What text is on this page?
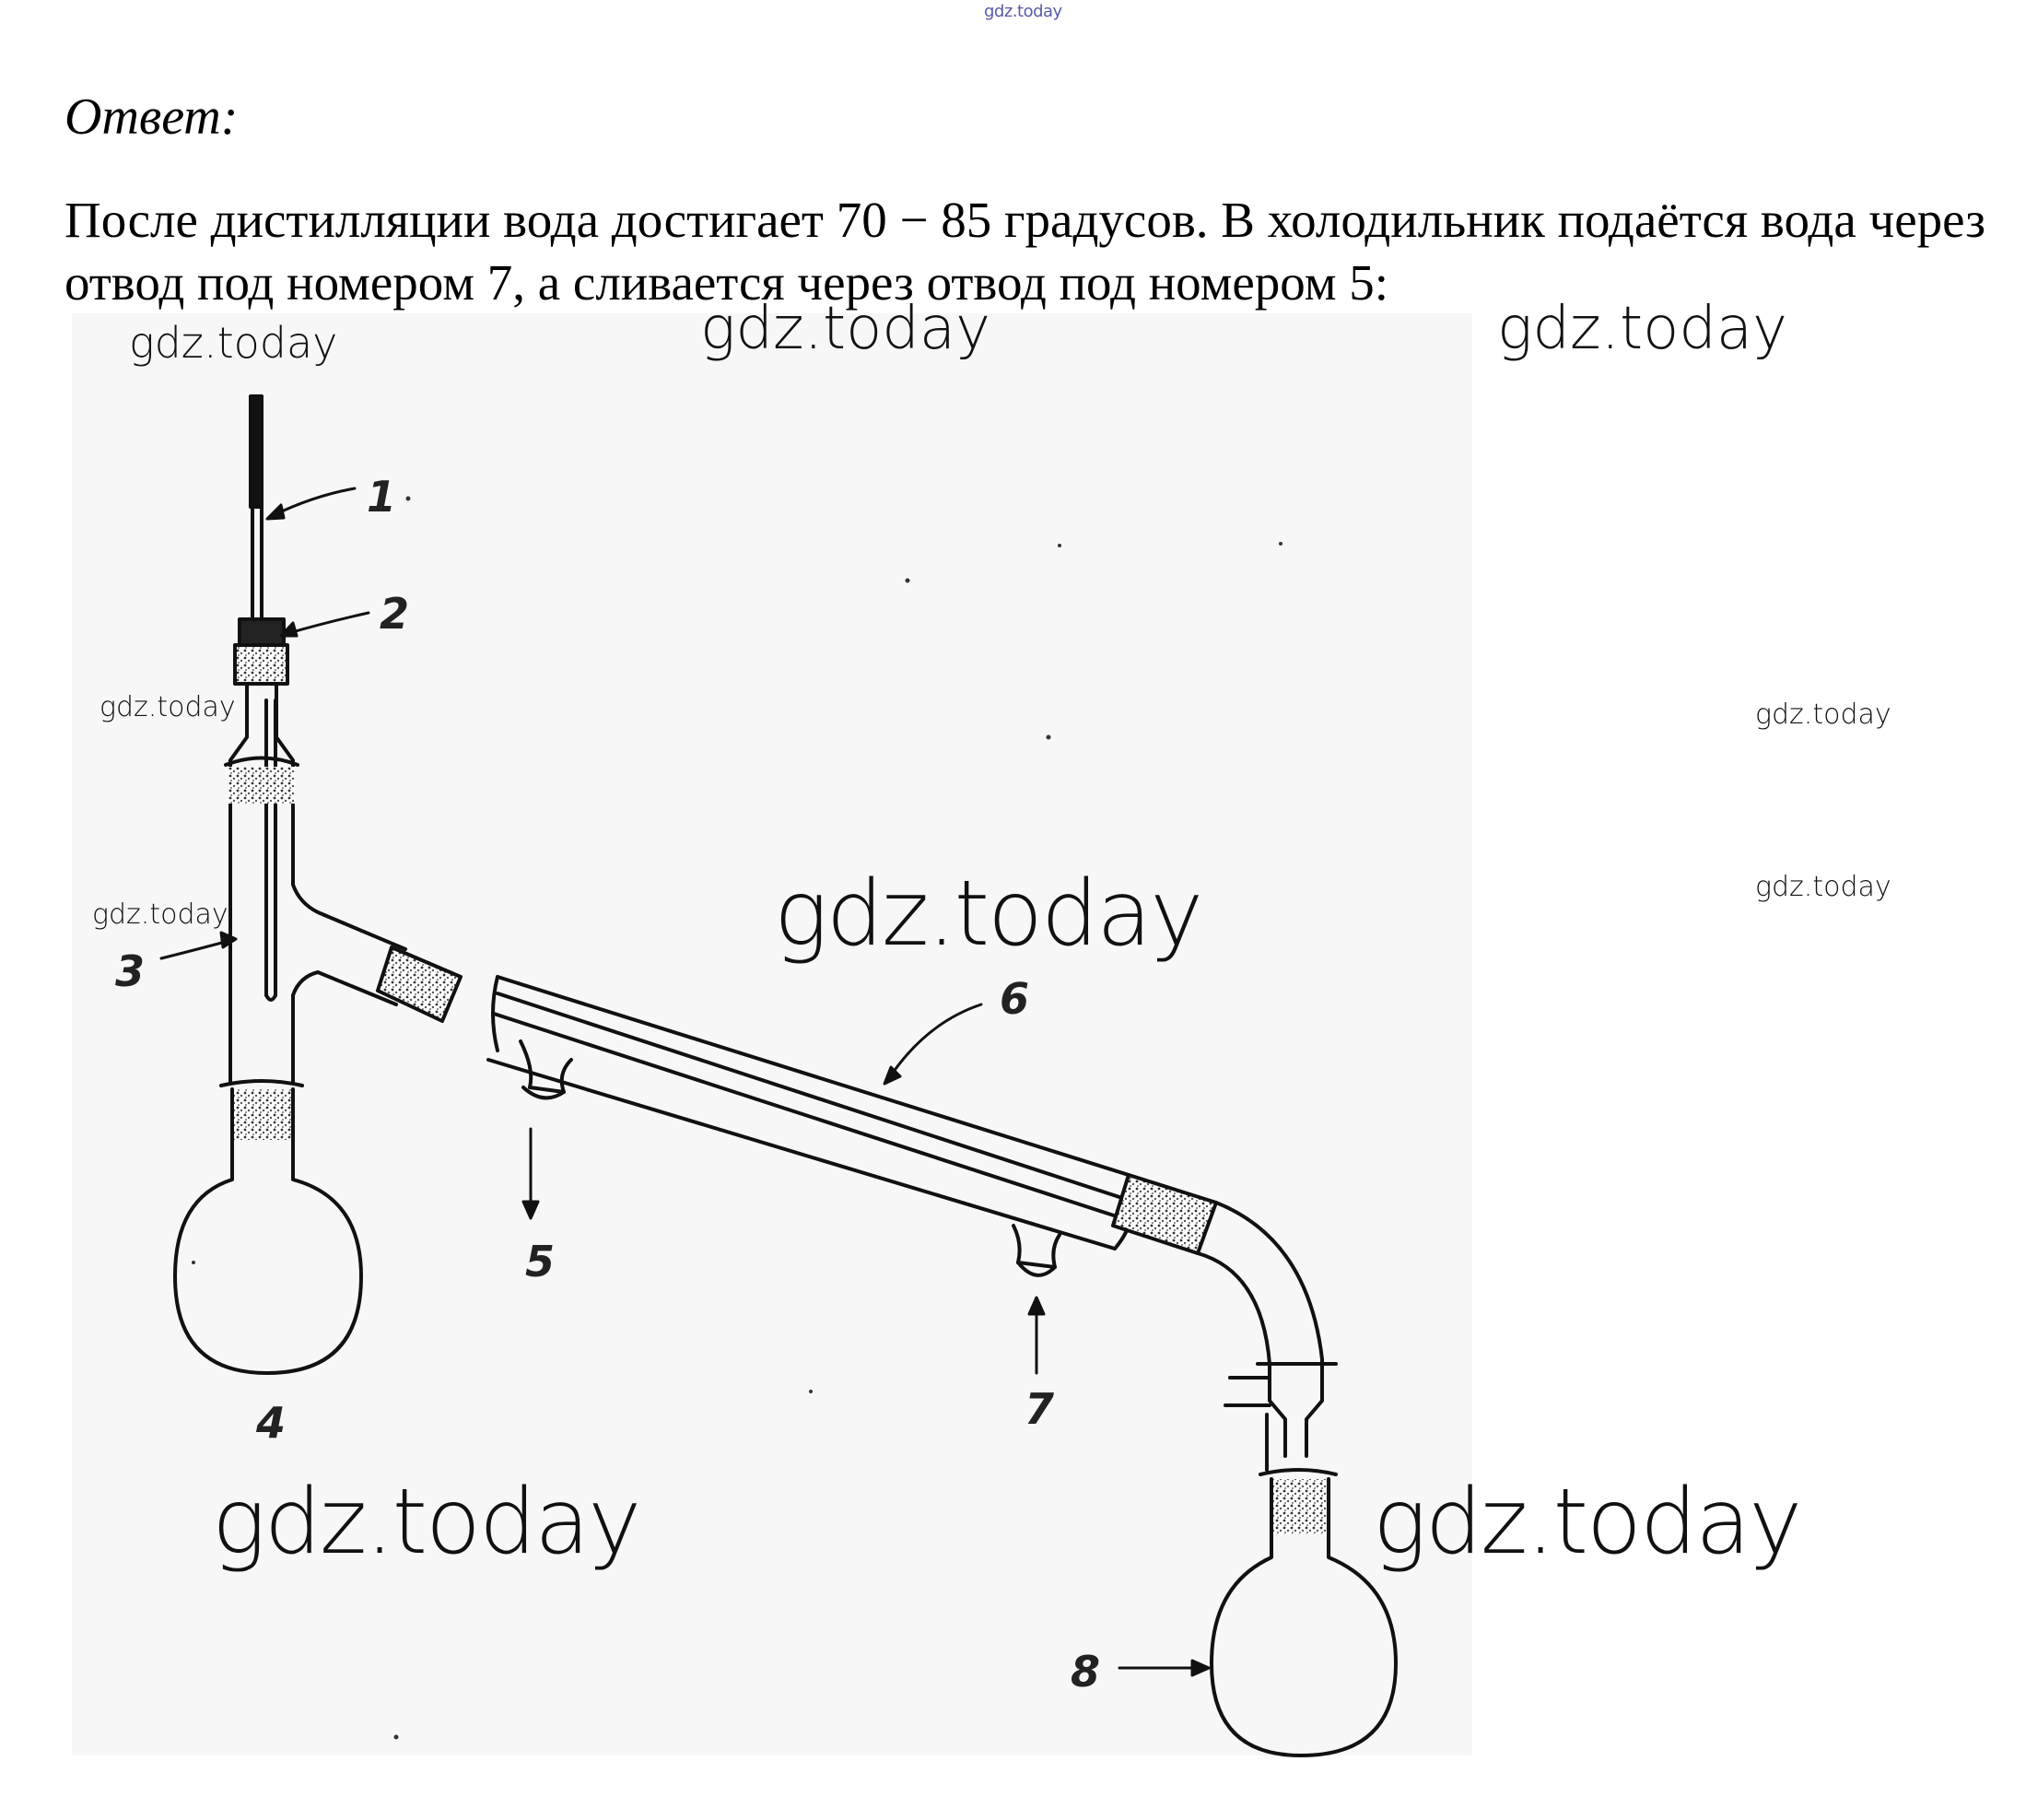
gdz.today
Ответ:
После дистилляции вода достигает 70 − 85 градусов. В холодильник подаётся вода через отвод под номером 7, а сливается через отвод под номером 5:
1
2
3
4
5
6
7
8
gdz.today	gdz.today	gdz.today
gdz.today
gdz.today
gdz.today
gdz.today
gdz.today
gdz.today	gdz.today
